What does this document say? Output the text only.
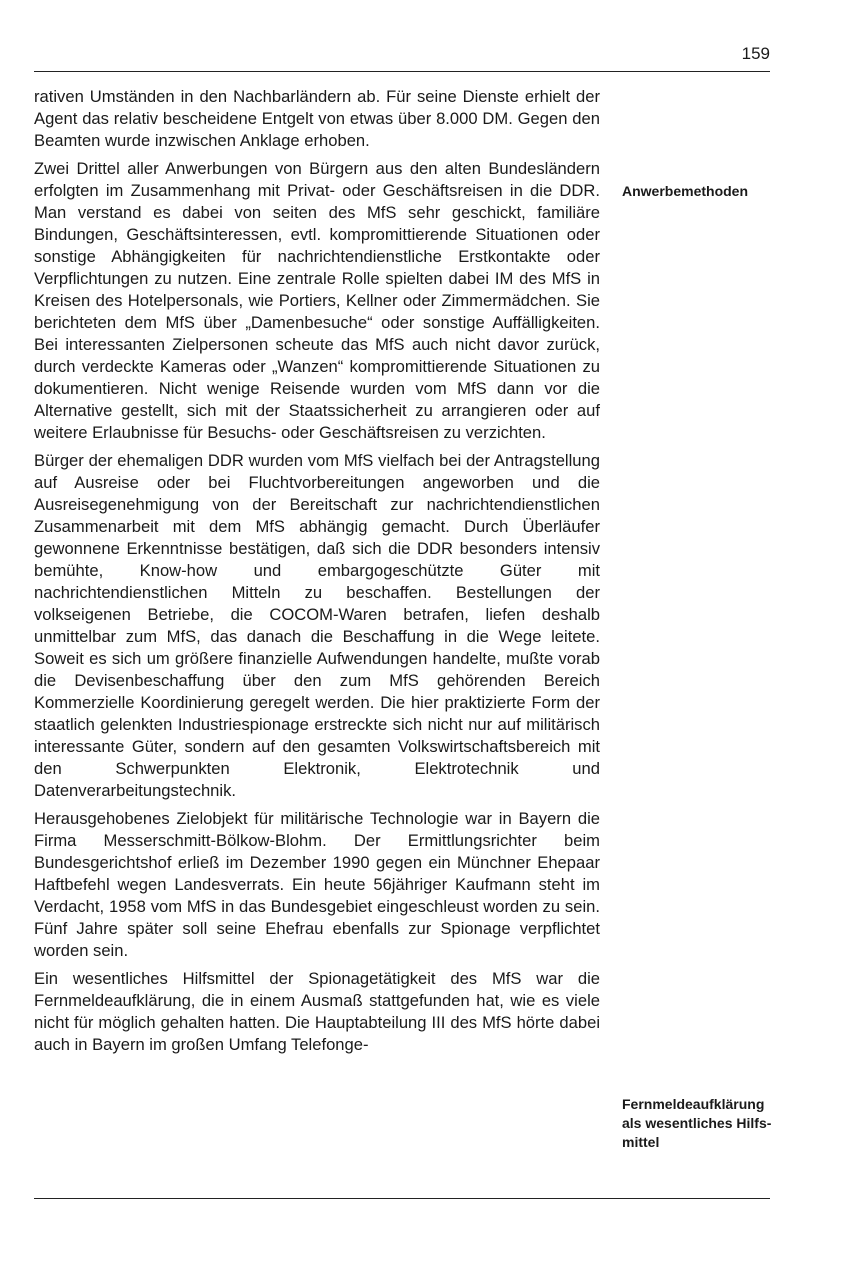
159

rativen Umständen in den Nachbarländern ab. Für seine Dienste erhielt der Agent das relativ bescheidene Entgelt von etwas über 8.000 DM. Gegen den Beamten wurde inzwischen Anklage erhoben.

Zwei Drittel aller Anwerbungen von Bürgern aus den alten Bundesländern erfolgten im Zusammenhang mit Privat- oder Geschäftsreisen in die DDR. Man verstand es dabei von seiten des MfS sehr geschickt, familiäre Bindungen, Geschäftsinteressen, evtl. kompromittierende Situationen oder sonstige Abhängigkeiten für nachrichtendienstliche Erstkontakte oder Verpflichtungen zu nutzen. Eine zentrale Rolle spielten dabei IM des MfS in Kreisen des Hotelpersonals, wie Portiers, Kellner oder Zimmermädchen. Sie berichteten dem MfS über „Damenbesuche“ oder sonstige Auffälligkeiten. Bei interessanten Zielpersonen scheute das MfS auch nicht davor zurück, durch verdeckte Kameras oder „Wanzen“ kompromittierende Situationen zu dokumentieren. Nicht wenige Reisende wurden vom MfS dann vor die Alternative gestellt, sich mit der Staatssicherheit zu arrangieren oder auf weitere Erlaubnisse für Besuchs- oder Geschäftsreisen zu verzichten.

Bürger der ehemaligen DDR wurden vom MfS vielfach bei der Antragstellung auf Ausreise oder bei Fluchtvorbereitungen angeworben und die Ausreisegenehmigung von der Bereitschaft zur nachrichtendienstlichen Zusammenarbeit mit dem MfS abhängig gemacht. Durch Überläufer gewonnene Erkenntnisse bestätigen, daß sich die DDR besonders intensiv bemühte, Know-how und embargogeschützte Güter mit nachrichtendienstlichen Mitteln zu beschaffen. Bestellungen der volkseigenen Betriebe, die COCOM-Waren betrafen, liefen deshalb unmittelbar zum MfS, das danach die Beschaffung in die Wege leitete. Soweit es sich um größere finanzielle Aufwendungen handelte, mußte vorab die Devisenbeschaffung über den zum MfS gehörenden Bereich Kommerzielle Koordinierung geregelt werden. Die hier praktizierte Form der staatlich gelenkten Industriespionage erstreckte sich nicht nur auf militärisch interessante Güter, sondern auf den gesamten Volkswirtschaftsbereich mit den Schwerpunkten Elektronik, Elektrotechnik und Datenverarbeitungstechnik.

Herausgehobenes Zielobjekt für militärische Technologie war in Bayern die Firma Messerschmitt-Bölkow-Blohm. Der Ermittlungsrichter beim Bundesgerichtshof erließ im Dezember 1990 gegen ein Münchner Ehepaar Haftbefehl wegen Landesverrats. Ein heute 56jähriger Kaufmann steht im Verdacht, 1958 vom MfS in das Bundesgebiet eingeschleust worden zu sein. Fünf Jahre später soll seine Ehefrau ebenfalls zur Spionage verpflichtet worden sein.

Ein wesentliches Hilfsmittel der Spionagetätigkeit des MfS war die Fernmeldeaufklärung, die in einem Ausmaß stattgefunden hat, wie es viele nicht für möglich gehalten hatten. Die Hauptabteilung III des MfS hörte dabei auch in Bayern im großen Umfang Telefonge-

Anwerbemethoden
Fernmeldeaufklärung als wesentliches Hilfsmittel
